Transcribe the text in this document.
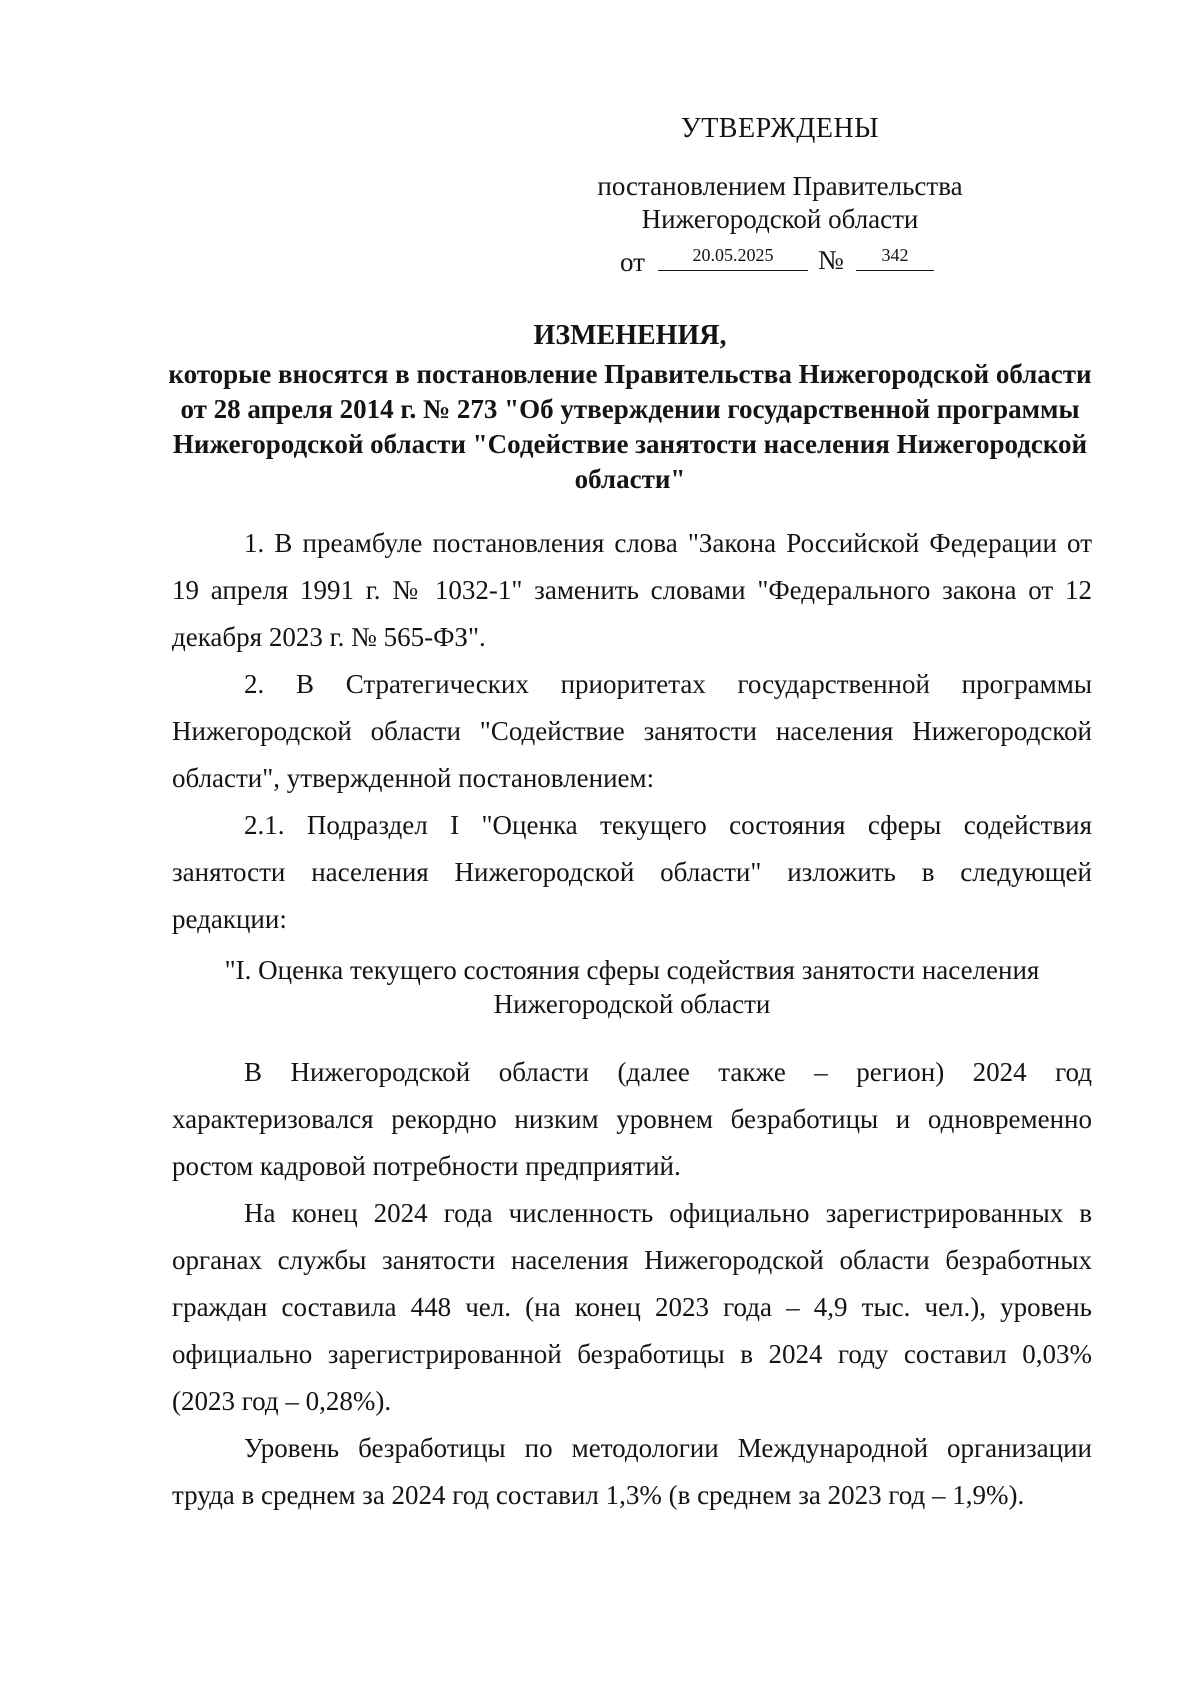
УТВЕРЖДЕНЫ
постановлением Правительства
Нижегородской области
от	20.05.2025	№	342
ИЗМЕНЕНИЯ,
которые вносятся в постановление Правительства Нижегородской области от 28 апреля 2014 г. № 273 "Об утверждении государственной программы Нижегородской области "Содействие занятости населения Нижегородской области"

1. В преамбуле постановления слова "Закона Российской Федерации от 19 апреля 1991 г. № 1032-1" заменить словами "Федерального закона от 12 декабря 2023 г. № 565-ФЗ".

2. В Стратегических приоритетах государственной программы Нижегородской области "Содействие занятости населения Нижегородской области", утвержденной постановлением:

2.1. Подраздел I "Оценка текущего состояния сферы содействия занятости населения Нижегородской области" изложить в следующей редакции:

"I. Оценка текущего состояния сферы содействия занятости населения
Нижегородской области

В Нижегородской области (далее также – регион) 2024 год характеризовался рекордно низким уровнем безработицы и одновременно ростом кадровой потребности предприятий.

На конец 2024 года численность официально зарегистрированных в органах службы занятости населения Нижегородской области безработных граждан составила 448 чел. (на конец 2023 года – 4,9 тыс. чел.), уровень официально зарегистрированной безработицы в 2024 году составил 0,03% (2023 год – 0,28%).

Уровень безработицы по методологии Международной организации труда в среднем за 2024 год составил 1,3% (в среднем за 2023 год – 1,9%).
